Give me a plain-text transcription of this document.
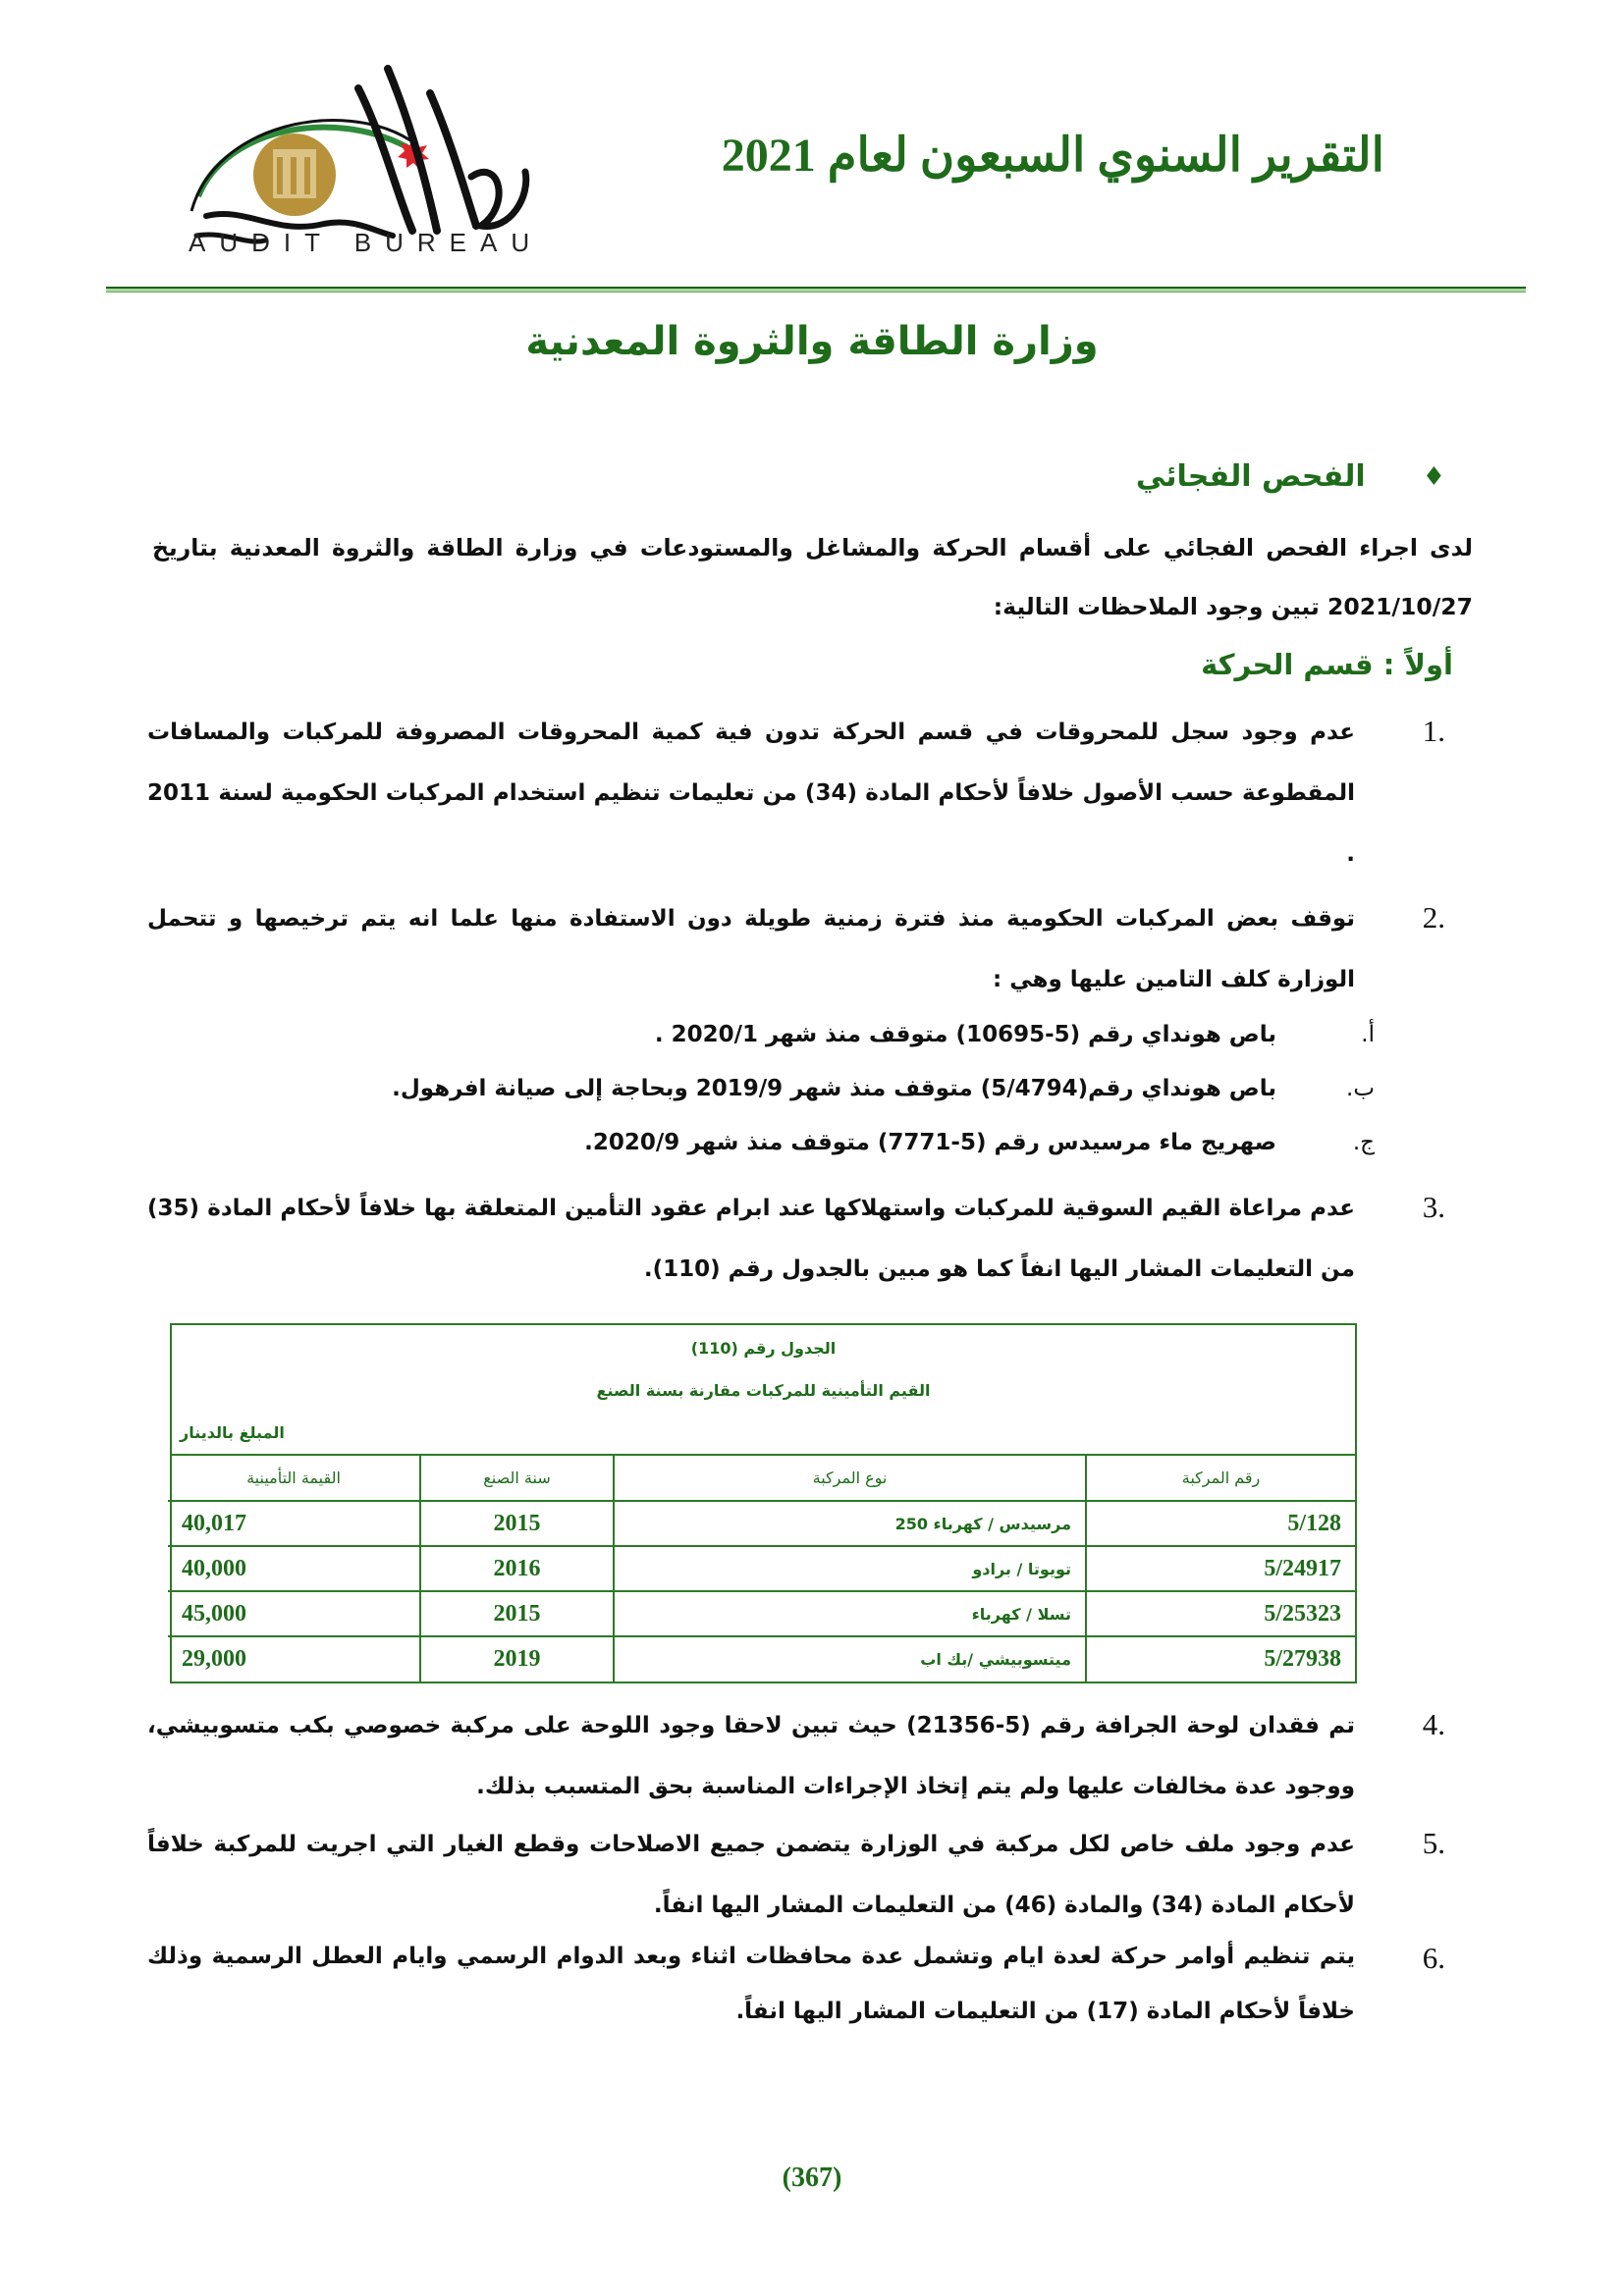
AUDIT BUREAU
التقرير السنوي السبعون لعام 2021
وزارة الطاقة والثروة المعدنية
♦
الفحص الفجائي
لدى اجراء الفحص الفجائي على أقسام الحركة والمشاغل والمستودعات في وزارة الطاقة والثروة المعدنية بتاريخ 2021/10/27 تبين وجود الملاحظات التالية:
أولاً : قسم الحركة
1.
عدم وجود سجل للمحروقات في قسم الحركة تدون فية كمية المحروقات المصروفة للمركبات والمسافات المقطوعة حسب الأصول خلافاً لأحكام المادة (34) من تعليمات تنظيم استخدام المركبات الحكومية لسنة 2011 .
2.
توقف بعض المركبات الحكومية منذ فترة زمنية طويلة دون الاستفادة منها علما انه يتم ترخيصها و تتحمل الوزارة كلف التامين عليها وهي :
أ.
باص هونداي رقم (5-10695) متوقف منذ شهر 2020/1 .
ب.
باص هونداي رقم(5/4794) متوقف منذ شهر 2019/9 وبحاجة إلى صيانة افرهول.
ج.
صهريج ماء مرسيدس رقم (5-7771) متوقف منذ شهر 2020/9.
3.
عدم مراعاة القيم السوقية للمركبات واستهلاكها عند ابرام عقود التأمين المتعلقة بها خلافاً لأحكام المادة (35) من التعليمات المشار اليها انفاً كما هو مبين بالجدول رقم (110).
4.
تم فقدان لوحة الجرافة رقم (5-21356) حيث تبين لاحقا وجود اللوحة على مركبة خصوصي بكب متسوبيشي، ووجود عدة مخالفات عليها ولم يتم إتخاذ الإجراءات المناسبة بحق المتسبب بذلك.
5.
عدم وجود ملف خاص لكل مركبة في الوزارة يتضمن جميع الاصلاحات وقطع الغيار التي اجريت للمركبة خلافاً لأحكام المادة (34) والمادة (46) من التعليمات المشار اليها انفاً.
6.
يتم تنظيم أوامر حركة لعدة ايام وتشمل عدة محافظات اثناء وبعد الدوام الرسمي وايام العطل الرسمية وذلك خلافاً لأحكام المادة (17) من التعليمات المشار اليها انفاً.
الجدول رقم (110)
القيم التأمينية للمركبات مقارنة بسنة الصنع
المبلغ بالدينار
رقم المركبة	نوع المركبة	سنة الصنع	القيمة التأمينية
5/128	مرسيدس / كهرباء 250	2015	40,017
5/24917	تويوتا / برادو	2016	40,000
5/25323	تسلا / كهرباء	2015	45,000
5/27938	ميتسوبيشي /بك اب	2019	29,000
(367)
